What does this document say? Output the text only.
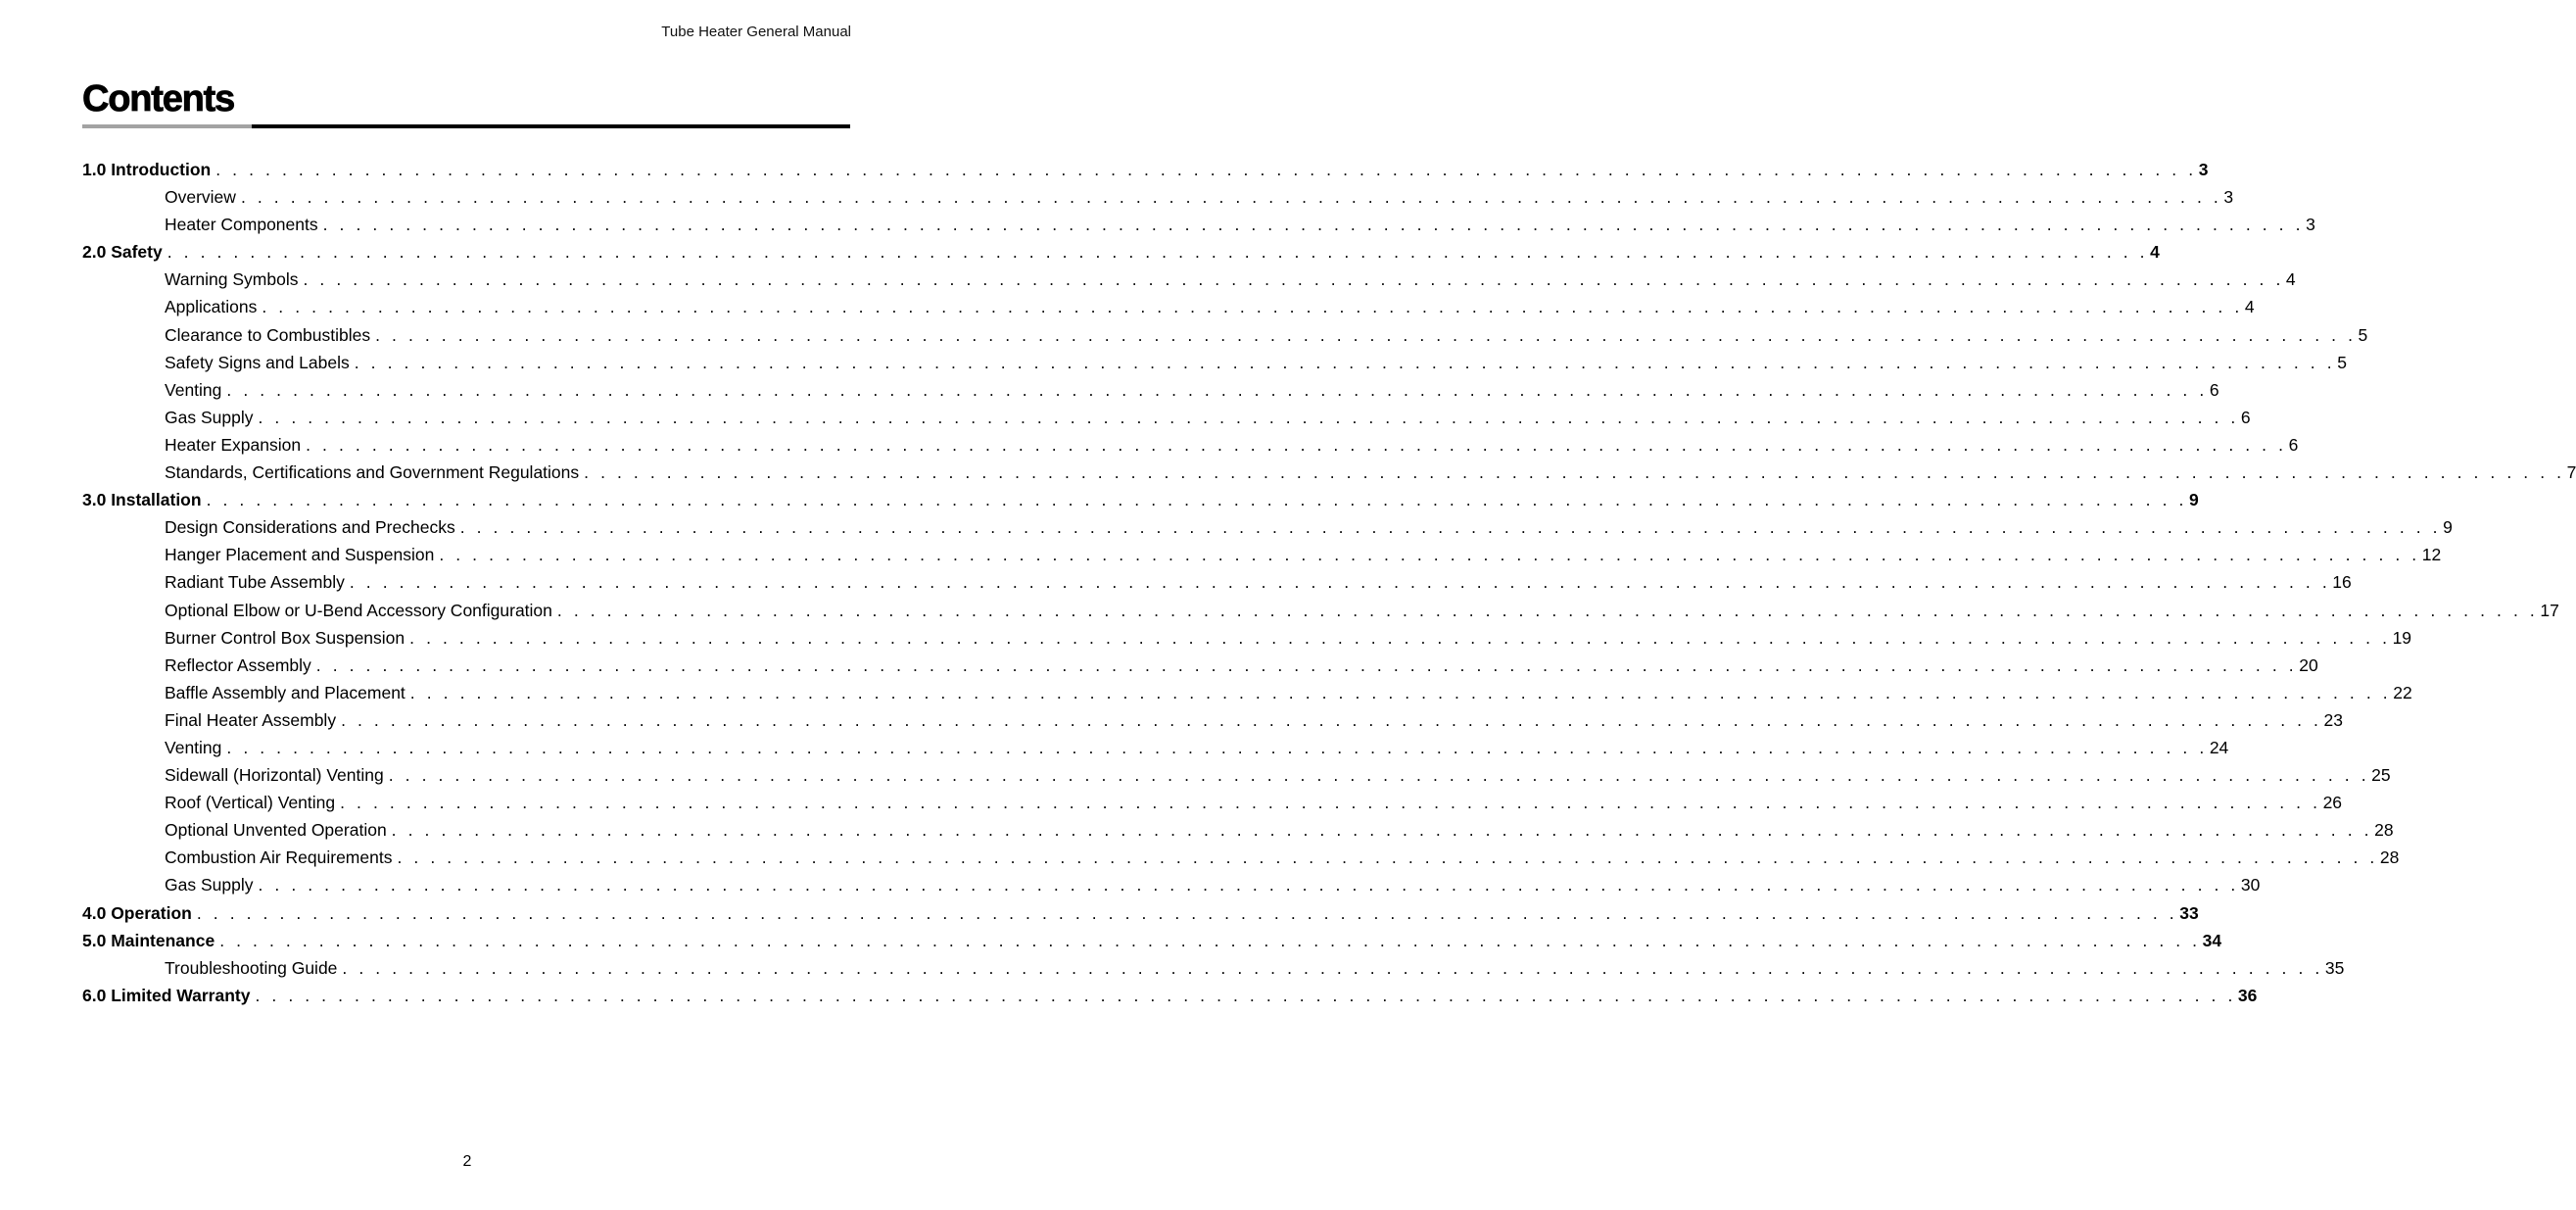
Tube Heater General Manual
Contents
1.0 Introduction . . . . . . . . . . . . . . . . . . . . . . . . . . . . . . . . . . . . . . . . . . . . . . . . . . . . . . . . . . . . . . . . . . . . . . . . . . . . . . . . . . . . . . . . . . . . . . . . . . . . . . . . . . . . . . . . . . . . . . . . 3
Overview . . . . . . . . . . . . . . . . . . . . . . . . . . . . . . . . . . . . . . . . . . . . . . . . . . . . . . . . . . . . . . . . . . . . . . . . . . . . . . . . . . . . . . . . . . . . . . . . . . . . . . . . . . . . . . . . . . . . . . . . 3
Heater Components . . . . . . . . . . . . . . . . . . . . . . . . . . . . . . . . . . . . . . . . . . . . . . . . . . . . . . . . . . . . . . . . . . . . . . . . . . . . . . . . . . . . . . . . . . . . . . . . . . . . . . . . . . . . . . . . . . . . . . . . 3
2.0 Safety . . . . . . . . . . . . . . . . . . . . . . . . . . . . . . . . . . . . . . . . . . . . . . . . . . . . . . . . . . . . . . . . . . . . . . . . . . . . . . . . . . . . . . . . . . . . . . . . . . . . . . . . . . . . . . . . . . . . . . . . 4
Warning Symbols . . . . . . . . . . . . . . . . . . . . . . . . . . . . . . . . . . . . . . . . . . . . . . . . . . . . . . . . . . . . . . . . . . . . . . . . . . . . . . . . . . . . . . . . . . . . . . . . . . . . . . . . . . . . . . . . . . . . . . . . 4
Applications . . . . . . . . . . . . . . . . . . . . . . . . . . . . . . . . . . . . . . . . . . . . . . . . . . . . . . . . . . . . . . . . . . . . . . . . . . . . . . . . . . . . . . . . . . . . . . . . . . . . . . . . . . . . . . . . . . . . . . . . 4
Clearance to Combustibles . . . . . . . . . . . . . . . . . . . . . . . . . . . . . . . . . . . . . . . . . . . . . . . . . . . . . . . . . . . . . . . . . . . . . . . . . . . . . . . . . . . . . . . . . . . . . . . . . . . . . . . . . . . . . . . . . . . . . . . . 5
Safety Signs and Labels . . . . . . . . . . . . . . . . . . . . . . . . . . . . . . . . . . . . . . . . . . . . . . . . . . . . . . . . . . . . . . . . . . . . . . . . . . . . . . . . . . . . . . . . . . . . . . . . . . . . . . . . . . . . . . . . . . . . . . . . 5
Venting . . . . . . . . . . . . . . . . . . . . . . . . . . . . . . . . . . . . . . . . . . . . . . . . . . . . . . . . . . . . . . . . . . . . . . . . . . . . . . . . . . . . . . . . . . . . . . . . . . . . . . . . . . . . . . . . . . . . . . . . 6
Gas Supply . . . . . . . . . . . . . . . . . . . . . . . . . . . . . . . . . . . . . . . . . . . . . . . . . . . . . . . . . . . . . . . . . . . . . . . . . . . . . . . . . . . . . . . . . . . . . . . . . . . . . . . . . . . . . . . . . . . . . . . . 6
Heater Expansion . . . . . . . . . . . . . . . . . . . . . . . . . . . . . . . . . . . . . . . . . . . . . . . . . . . . . . . . . . . . . . . . . . . . . . . . . . . . . . . . . . . . . . . . . . . . . . . . . . . . . . . . . . . . . . . . . . . . . . . . 6
Standards, Certifications and Government Regulations . . . . . . . . . . . . . . . . . . . . . . . . . . . . . . . . . . . . . . . . . . . . . . . . . . . . . . . . . . . . . . . . . . . . . . . . . . . . . . . . . . . . . . . . . . . . . . . . . . . . . . . . . . . . . . . . . . . . . . . . 7
3.0 Installation . . . . . . . . . . . . . . . . . . . . . . . . . . . . . . . . . . . . . . . . . . . . . . . . . . . . . . . . . . . . . . . . . . . . . . . . . . . . . . . . . . . . . . . . . . . . . . . . . . . . . . . . . . . . . . . . . . . . . . . . 9
Design Considerations and Prechecks . . . . . . . . . . . . . . . . . . . . . . . . . . . . . . . . . . . . . . . . . . . . . . . . . . . . . . . . . . . . . . . . . . . . . . . . . . . . . . . . . . . . . . . . . . . . . . . . . . . . . . . . . . . . . . . . . . . . . . . . 9
Hanger Placement and Suspension . . . . . . . . . . . . . . . . . . . . . . . . . . . . . . . . . . . . . . . . . . . . . . . . . . . . . . . . . . . . . . . . . . . . . . . . . . . . . . . . . . . . . . . . . . . . . . . . . . . . . . . . . . . . . . . . . . . . . . . . 12
Radiant Tube Assembly . . . . . . . . . . . . . . . . . . . . . . . . . . . . . . . . . . . . . . . . . . . . . . . . . . . . . . . . . . . . . . . . . . . . . . . . . . . . . . . . . . . . . . . . . . . . . . . . . . . . . . . . . . . . . . . . . . . . . . . . 16
Optional Elbow or U-Bend Accessory Configuration . . . . . . . . . . . . . . . . . . . . . . . . . . . . . . . . . . . . . . . . . . . . . . . . . . . . . . . . . . . . . . . . . . . . . . . . . . . . . . . . . . . . . . . . . . . . . . . . . . . . . . . . . . . . . . . . . . . . . . . . 17
Burner Control Box Suspension . . . . . . . . . . . . . . . . . . . . . . . . . . . . . . . . . . . . . . . . . . . . . . . . . . . . . . . . . . . . . . . . . . . . . . . . . . . . . . . . . . . . . . . . . . . . . . . . . . . . . . . . . . . . . . . . . . . . . . . . 19
Reflector Assembly . . . . . . . . . . . . . . . . . . . . . . . . . . . . . . . . . . . . . . . . . . . . . . . . . . . . . . . . . . . . . . . . . . . . . . . . . . . . . . . . . . . . . . . . . . . . . . . . . . . . . . . . . . . . . . . . . . . . . . . . 20
Baffle Assembly and Placement . . . . . . . . . . . . . . . . . . . . . . . . . . . . . . . . . . . . . . . . . . . . . . . . . . . . . . . . . . . . . . . . . . . . . . . . . . . . . . . . . . . . . . . . . . . . . . . . . . . . . . . . . . . . . . . . . . . . . . . . 22
Final Heater Assembly . . . . . . . . . . . . . . . . . . . . . . . . . . . . . . . . . . . . . . . . . . . . . . . . . . . . . . . . . . . . . . . . . . . . . . . . . . . . . . . . . . . . . . . . . . . . . . . . . . . . . . . . . . . . . . . . . . . . . . . . 23
Venting . . . . . . . . . . . . . . . . . . . . . . . . . . . . . . . . . . . . . . . . . . . . . . . . . . . . . . . . . . . . . . . . . . . . . . . . . . . . . . . . . . . . . . . . . . . . . . . . . . . . . . . . . . . . . . . . . . . . . . . . 24
Sidewall (Horizontal) Venting . . . . . . . . . . . . . . . . . . . . . . . . . . . . . . . . . . . . . . . . . . . . . . . . . . . . . . . . . . . . . . . . . . . . . . . . . . . . . . . . . . . . . . . . . . . . . . . . . . . . . . . . . . . . . . . . . . . . . . . . 25
Roof (Vertical) Venting . . . . . . . . . . . . . . . . . . . . . . . . . . . . . . . . . . . . . . . . . . . . . . . . . . . . . . . . . . . . . . . . . . . . . . . . . . . . . . . . . . . . . . . . . . . . . . . . . . . . . . . . . . . . . . . . . . . . . . . . 26
Optional Unvented Operation . . . . . . . . . . . . . . . . . . . . . . . . . . . . . . . . . . . . . . . . . . . . . . . . . . . . . . . . . . . . . . . . . . . . . . . . . . . . . . . . . . . . . . . . . . . . . . . . . . . . . . . . . . . . . . . . . . . . . . . . 28
Combustion Air Requirements . . . . . . . . . . . . . . . . . . . . . . . . . . . . . . . . . . . . . . . . . . . . . . . . . . . . . . . . . . . . . . . . . . . . . . . . . . . . . . . . . . . . . . . . . . . . . . . . . . . . . . . . . . . . . . . . . . . . . . . . 28
Gas Supply . . . . . . . . . . . . . . . . . . . . . . . . . . . . . . . . . . . . . . . . . . . . . . . . . . . . . . . . . . . . . . . . . . . . . . . . . . . . . . . . . . . . . . . . . . . . . . . . . . . . . . . . . . . . . . . . . . . . . . . . 30
4.0 Operation . . . . . . . . . . . . . . . . . . . . . . . . . . . . . . . . . . . . . . . . . . . . . . . . . . . . . . . . . . . . . . . . . . . . . . . . . . . . . . . . . . . . . . . . . . . . . . . . . . . . . . . . . . . . . . . . . . . . . . . . 33
5.0 Maintenance . . . . . . . . . . . . . . . . . . . . . . . . . . . . . . . . . . . . . . . . . . . . . . . . . . . . . . . . . . . . . . . . . . . . . . . . . . . . . . . . . . . . . . . . . . . . . . . . . . . . . . . . . . . . . . . . . . . . . . . . 34
Troubleshooting Guide . . . . . . . . . . . . . . . . . . . . . . . . . . . . . . . . . . . . . . . . . . . . . . . . . . . . . . . . . . . . . . . . . . . . . . . . . . . . . . . . . . . . . . . . . . . . . . . . . . . . . . . . . . . . . . . . . . . . . . . . 35
6.0 Limited Warranty . . . . . . . . . . . . . . . . . . . . . . . . . . . . . . . . . . . . . . . . . . . . . . . . . . . . . . . . . . . . . . . . . . . . . . . . . . . . . . . . . . . . . . . . . . . . . . . . . . . . . . . . . . . . . . . . . . . . . . . . 36
2
